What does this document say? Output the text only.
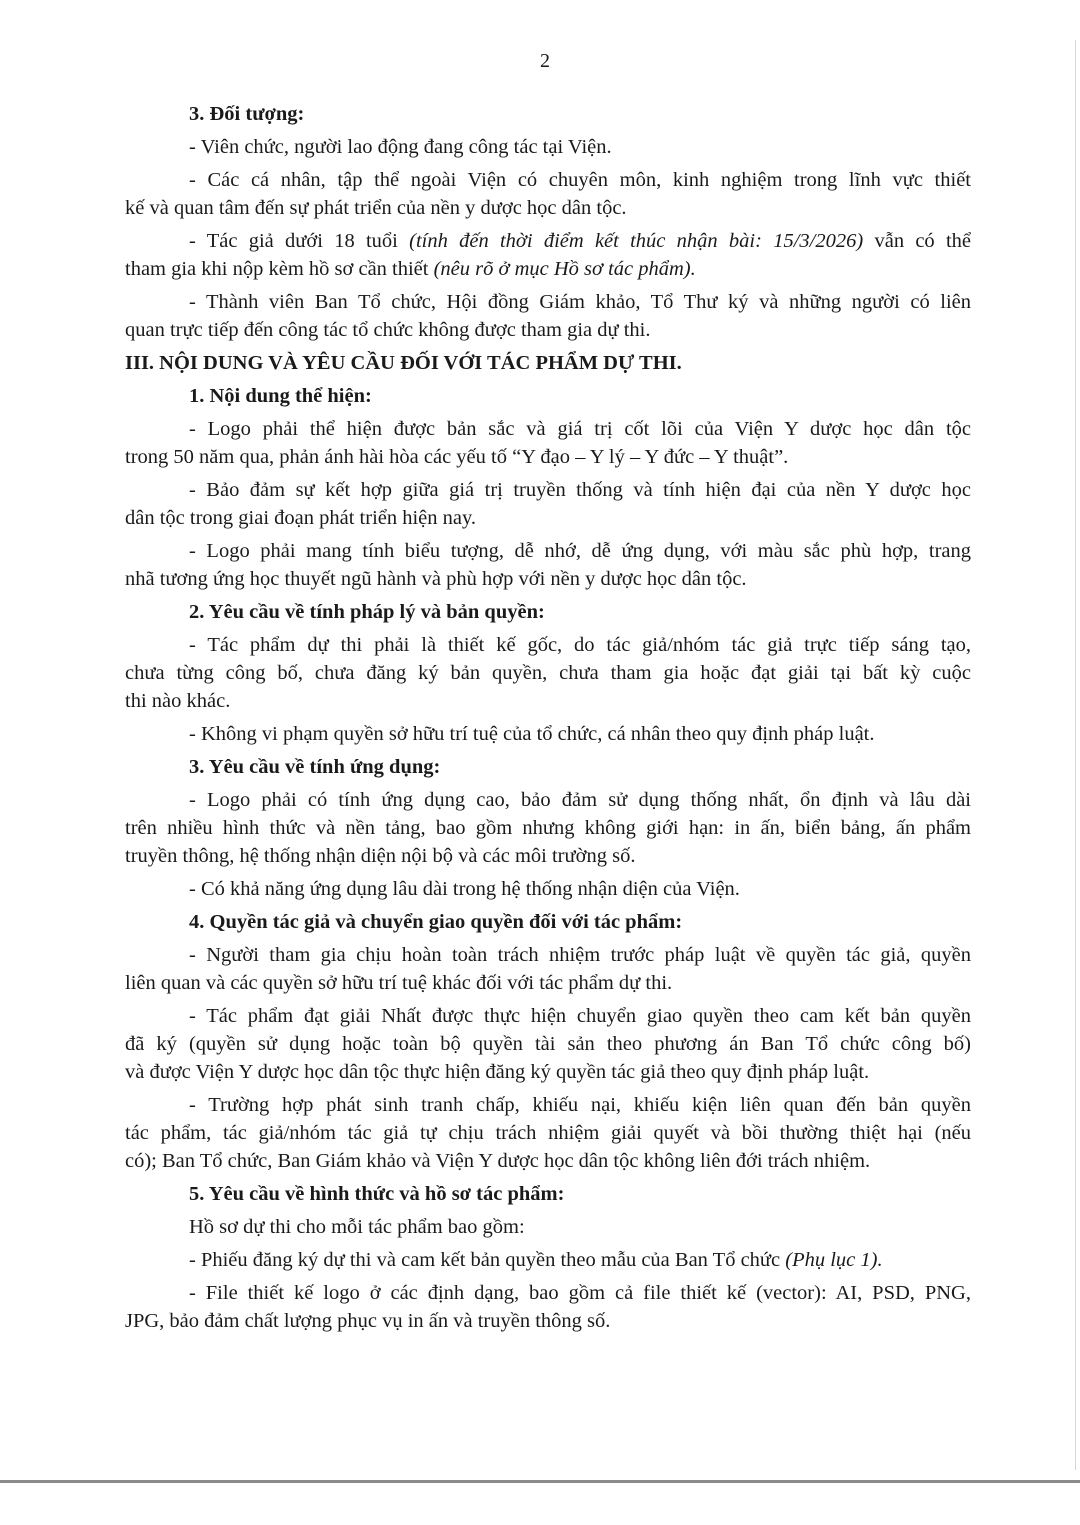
2

3. Đối tượng:

- Viên chức, người lao động đang công tác tại Viện.

- Các cá nhân, tập thể ngoài Viện có chuyên môn, kinh nghiệm trong lĩnh vực thiết

kế và quan tâm đến sự phát triển của nền y dược học dân tộc.

- Tác giả dưới 18 tuổi (tính đến thời điểm kết thúc nhận bài: 15/3/2026) vẫn có thể

tham gia khi nộp kèm hồ sơ cần thiết (nêu rõ ở mục Hồ sơ tác phẩm).

- Thành viên Ban Tổ chức, Hội đồng Giám khảo, Tổ Thư ký và những người có liên

quan trực tiếp đến công tác tổ chức không được tham gia dự thi.

III. NỘI DUNG VÀ YÊU CẦU ĐỐI VỚI TÁC PHẨM DỰ THI.

1. Nội dung thể hiện:

- Logo phải thể hiện được bản sắc và giá trị cốt lõi của Viện Y dược học dân tộc

trong 50 năm qua, phản ánh hài hòa các yếu tố “Y đạo – Y lý – Y đức – Y thuật”.

- Bảo đảm sự kết hợp giữa giá trị truyền thống và tính hiện đại của nền Y dược học

dân tộc trong giai đoạn phát triển hiện nay.

- Logo phải mang tính biểu tượng, dễ nhớ, dễ ứng dụng, với màu sắc phù hợp, trang

nhã tương ứng học thuyết ngũ hành và phù hợp với nền y dược học dân tộc.

2. Yêu cầu về tính pháp lý và bản quyền:

- Tác phẩm dự thi phải là thiết kế gốc, do tác giả/nhóm tác giả trực tiếp sáng tạo,

chưa từng công bố, chưa đăng ký bản quyền, chưa tham gia hoặc đạt giải tại bất kỳ cuộc

thi nào khác.

- Không vi phạm quyền sở hữu trí tuệ của tổ chức, cá nhân theo quy định pháp luật.

3. Yêu cầu về tính ứng dụng:

- Logo phải có tính ứng dụng cao, bảo đảm sử dụng thống nhất, ổn định và lâu dài

trên nhiều hình thức và nền tảng, bao gồm nhưng không giới hạn: in ấn, biển bảng, ấn phẩm

truyền thông, hệ thống nhận diện nội bộ và các môi trường số.

- Có khả năng ứng dụng lâu dài trong hệ thống nhận diện của Viện.

4. Quyền tác giả và chuyển giao quyền đối với tác phẩm:

- Người tham gia chịu hoàn toàn trách nhiệm trước pháp luật về quyền tác giả, quyền

liên quan và các quyền sở hữu trí tuệ khác đối với tác phẩm dự thi.

- Tác phẩm đạt giải Nhất được thực hiện chuyển giao quyền theo cam kết bản quyền

đã ký (quyền sử dụng hoặc toàn bộ quyền tài sản theo phương án Ban Tổ chức công bố)

và được Viện Y dược học dân tộc thực hiện đăng ký quyền tác giả theo quy định pháp luật.

- Trường hợp phát sinh tranh chấp, khiếu nại, khiếu kiện liên quan đến bản quyền

tác phẩm, tác giả/nhóm tác giả tự chịu trách nhiệm giải quyết và bồi thường thiệt hại (nếu

có); Ban Tổ chức, Ban Giám khảo và Viện Y dược học dân tộc không liên đới trách nhiệm.

5. Yêu cầu về hình thức và hồ sơ tác phẩm:

Hồ sơ dự thi cho mỗi tác phẩm bao gồm:

- Phiếu đăng ký dự thi và cam kết bản quyền theo mẫu của Ban Tổ chức (Phụ lục 1).

- File thiết kế logo ở các định dạng, bao gồm cả file thiết kế (vector): AI, PSD, PNG,

JPG, bảo đảm chất lượng phục vụ in ấn và truyền thông số.
